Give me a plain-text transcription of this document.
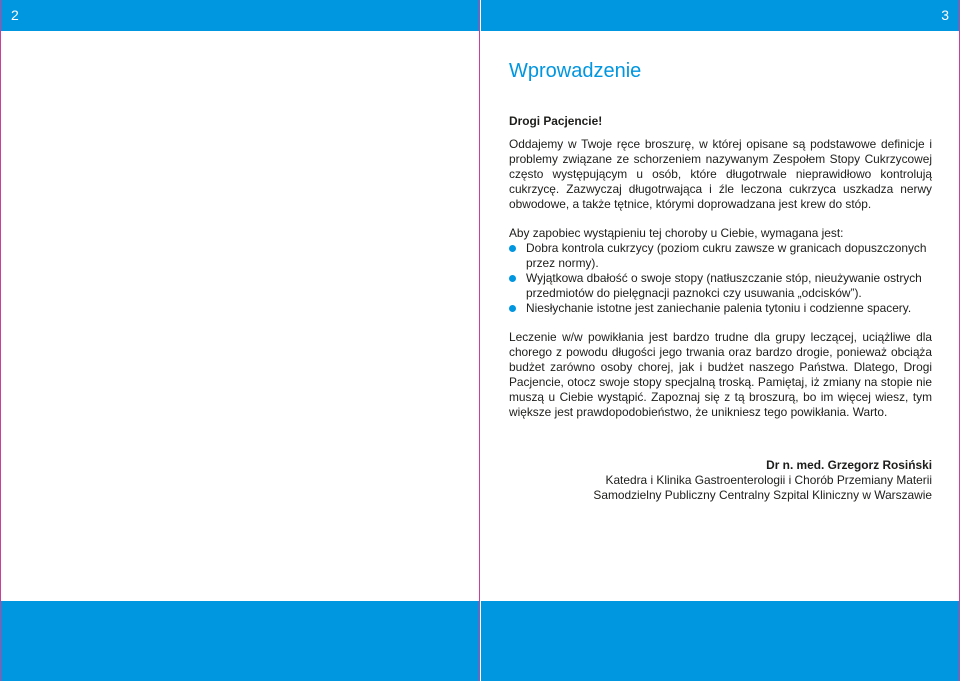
2	3
Wprowadzenie

Drogi Pacjencie!

Oddajemy w Twoje ręce broszurę, w której opisane są podstawowe definicje i problemy związane ze schorzeniem nazywanym Zespołem Stopy Cukrzycowej często występującym u osób, które długotrwale nieprawidłowo kontrolują cukrzycę. Zazwyczaj długotrwająca i źle leczona cukrzyca uszkadza nerwy obwodowe, a także tętnice, którymi doprowadzana jest krew do stóp.

Aby zapobiec wystąpieniu tej choroby u Ciebie, wymagana jest:

Dobra kontrola cukrzycy (poziom cukru zawsze w granicach dopuszczonych przez normy).
Wyjątkowa dbałość o swoje stopy (natłuszczanie stóp, nieużywanie ostrych przedmiotów do pielęgnacji paznokci czy usuwania „odcisków”).
Niesłychanie istotne jest zaniechanie palenia tytoniu i codzienne spacery.

Leczenie w/w powikłania jest bardzo trudne dla grupy leczącej, uciążliwe dla chorego z powodu długości jego trwania oraz bardzo drogie, ponieważ obciąża budżet zarówno osoby chorej, jak i budżet naszego Państwa. Dlatego, Drogi Pacjencie, otocz swoje stopy specjalną troską. Pamiętaj, iż zmiany na stopie nie muszą u Ciebie wystąpić. Zapoznaj się z tą broszurą, bo im więcej wiesz, tym większe jest prawdopodobieństwo, że unikniesz tego powikłania. Warto.

Dr n. med. Grzegorz Rosiński
Katedra i Klinika Gastroenterologii i Chorób Przemiany Materii
Samodzielny Publiczny Centralny Szpital Kliniczny w Warszawie
